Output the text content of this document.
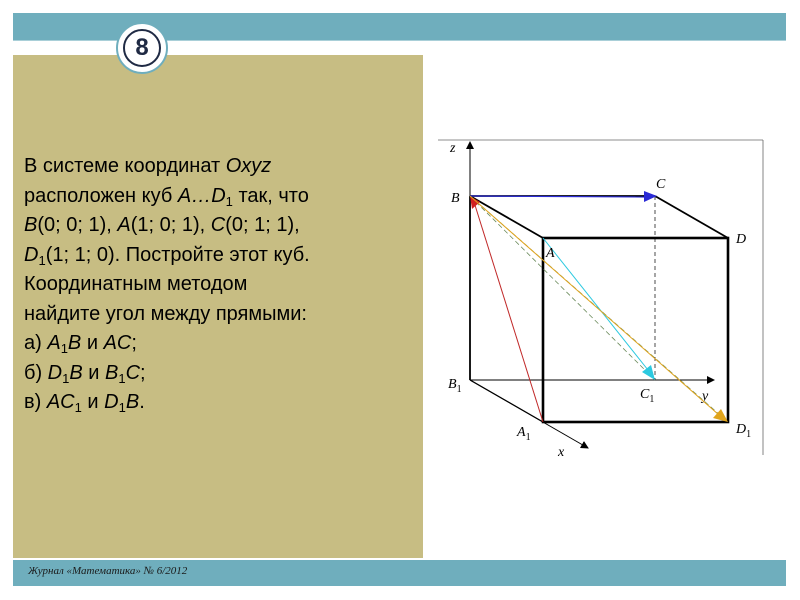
8
В системе координат Oxyz
расположен куб $A\dots D_1$ так, что
B(0; 0; 1), A(1; 0; 1), C(0; 1; 1),
$D_1(1$; 1; 0). Постройте этот куб.
Координатным методом
найдите угол между прямыми:
а) $A_1B$ и AC;
б) $D_1B$ и $B_1C$;
в) $AC_1$ и $D_1B$.
z
y
x
B
C
A
D
$B_1$	$C_1$
$A_1$
$D_1$
Журнал «Математика» № 6/2012
